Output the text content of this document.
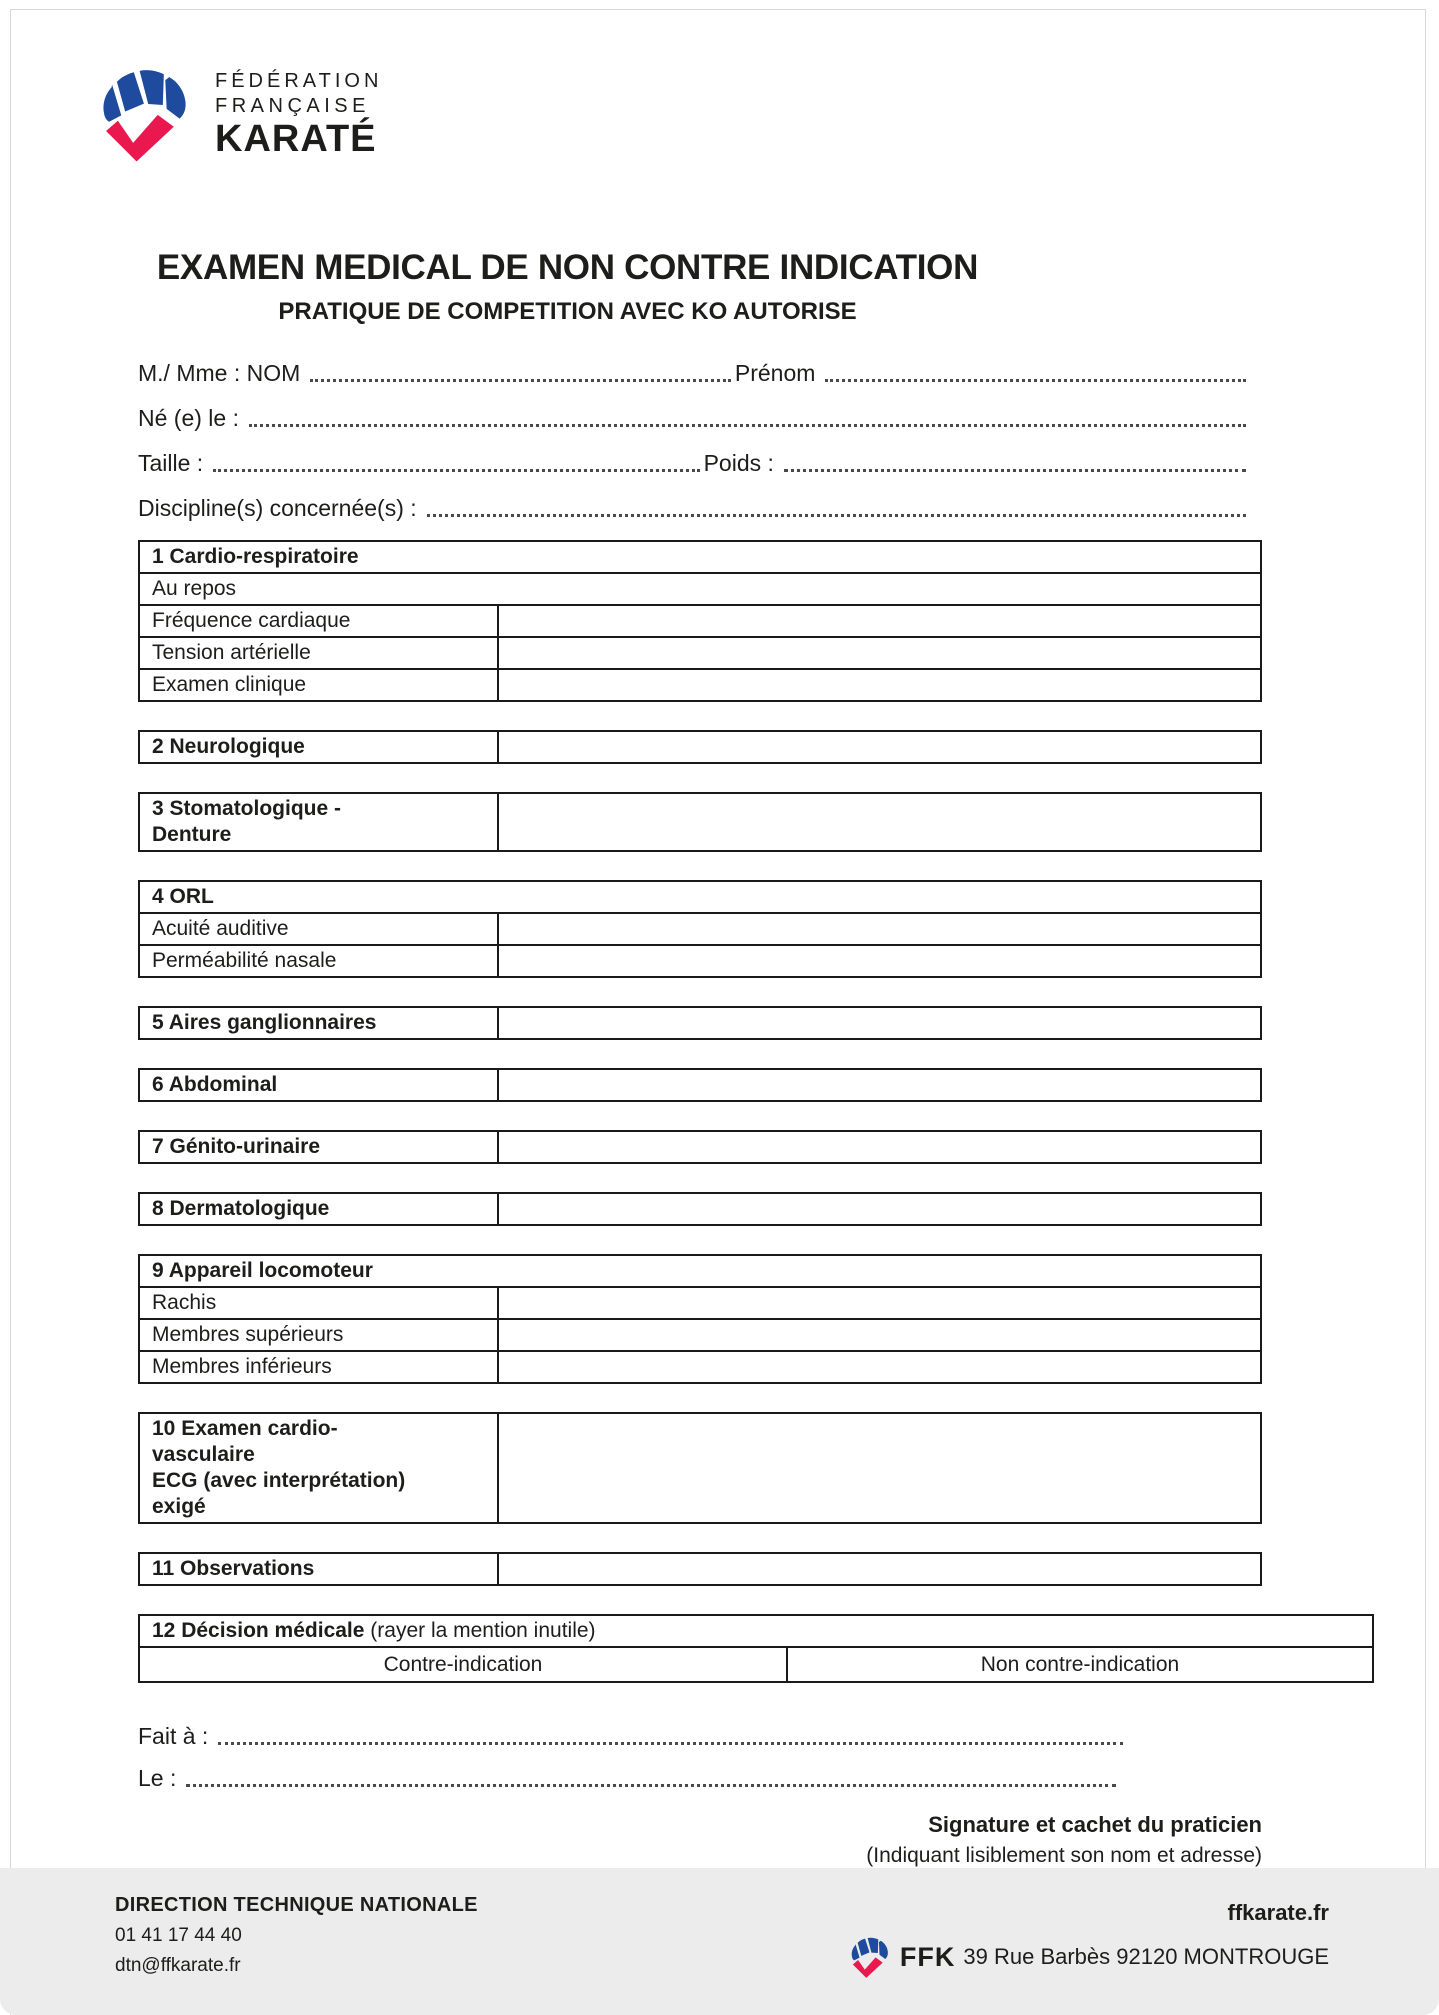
FÉDÉRATION
FRANÇAISE
KARATÉ
EXAMEN MEDICAL DE NON CONTRE INDICATION
PRATIQUE DE COMPETITION AVEC KO AUTORISE
M./ Mme : NOM	Prénom
Né (e) le :
Taille :	Poids :
Discipline(s) concernée(s) :
1 Cardio-respiratoire
Au repos
Fréquence cardiaque
Tension artérielle
Examen clinique
2 Neurologique
3 Stomatologique -
Denture
4 ORL
Acuité auditive
Perméabilité nasale
5 Aires ganglionnaires
6 Abdominal
7 Génito-urinaire
8 Dermatologique
9 Appareil locomoteur
Rachis
Membres supérieurs
Membres inférieurs
10 Examen cardio-
vasculaire
ECG (avec interprétation)
exigé
11 Observations
12 Décision médicale (rayer la mention inutile)
Contre-indication	Non contre-indication
Fait à :
Le :
Signature et cachet du praticien
(Indiquant lisiblement son nom et adresse)
DIRECTION TECHNIQUE NATIONALE
01 41 17 44 40
dtn@ffkarate.fr
ffkarate.fr
FFK 39 Rue Barbès 92120 MONTROUGE
